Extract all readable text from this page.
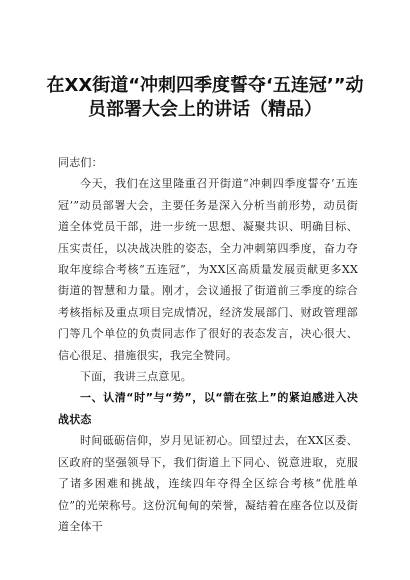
在XX街道“冲刺四季度誓夺‘五连冠’”动员部署大会上的讲话（精品）

同志们：

今天，我们在这里隆重召开街道“冲刺四季度誓夺‘五连冠’”动员部署大会，主要任务是深入分析当前形势，动员街道全体党员干部，进一步统一思想、凝聚共识、明确目标、压实责任，以决战决胜的姿态，全力冲刺第四季度，奋力夺取年度综合考核“五连冠”，为XX区高质量发展贡献更多XX街道的智慧和力量。刚才，会议通报了街道前三季度的综合考核指标及重点项目完成情况，经济发展部门、财政管理部门等几个单位的负责同志作了很好的表态发言，决心很大、信心很足、措施很实，我完全赞同。

下面，我讲三点意见。

一、认清“时”与“势”，以“箭在弦上”的紧迫感进入决战状态

时间砥砺信仰，岁月见证初心。回望过去，在XX区委、区政府的坚强领导下，我们街道上下同心、锐意进取，克服了诸多困难和挑战，连续四年夺得全区综合考核“优胜单位”的光荣称号。这份沉甸甸的荣誉，凝结着在座各位以及街道全体干
